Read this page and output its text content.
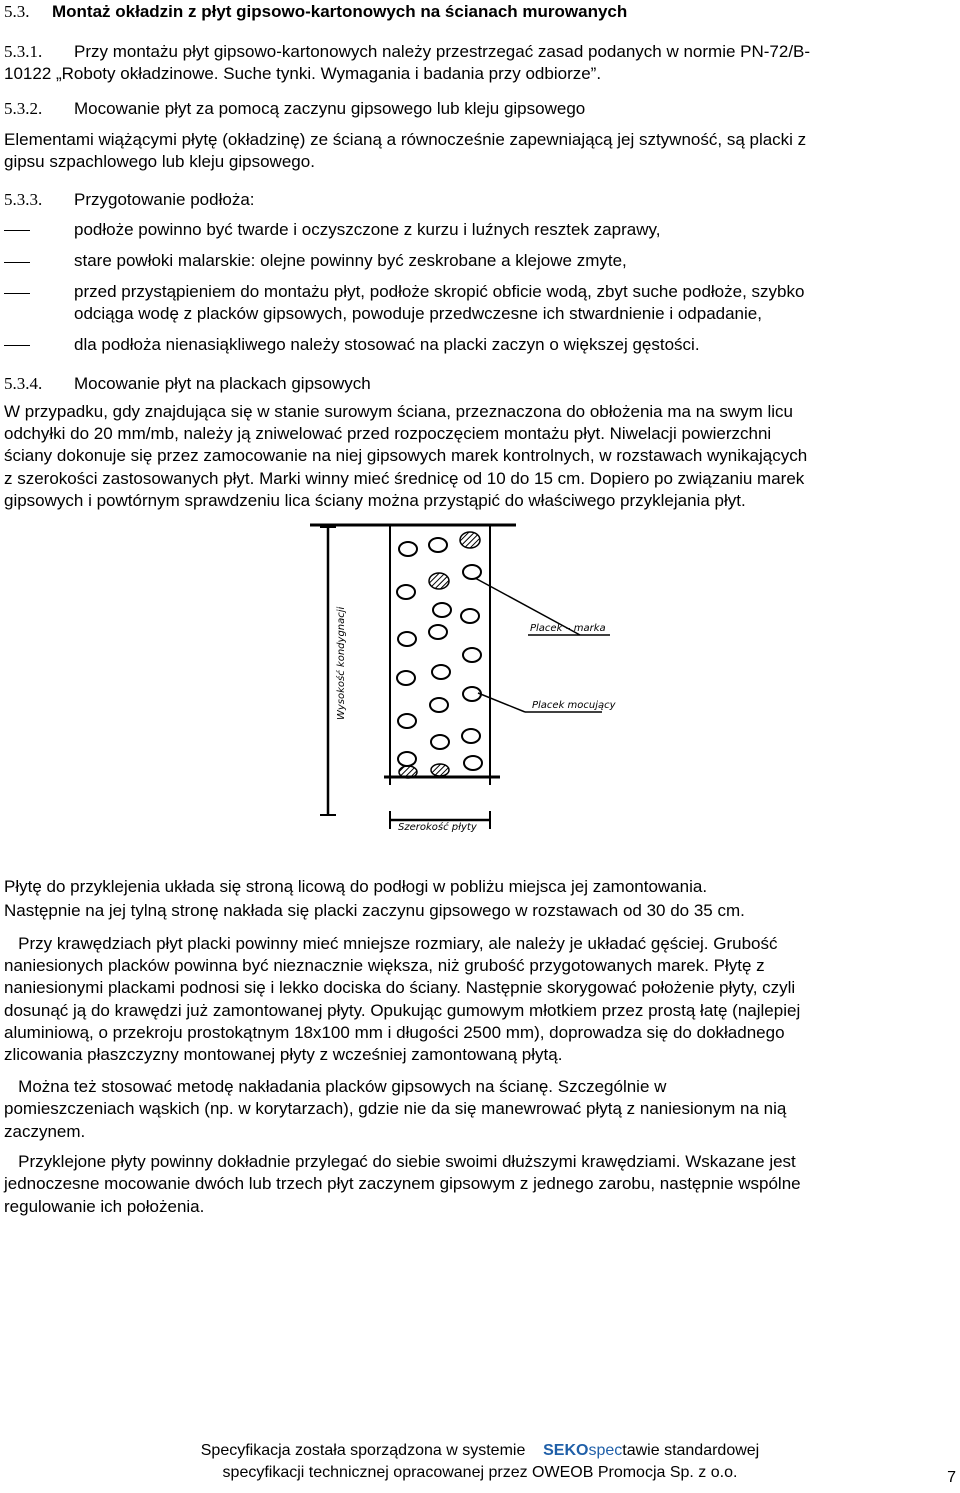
5.3. Montaż okładzin z płyt gipsowo-kartonowych na ścianach murowanych
5.3.1. Przy montażu płyt gipsowo-kartonowych należy przestrzegać zasad podanych w normie PN-72/B-
10122 „Roboty okładzinowe. Suche tynki. Wymagania i badania przy odbiorze”.
5.3.2. Mocowanie płyt za pomocą zaczynu gipsowego lub kleju gipsowego
Elementami wiążącymi płytę (okładzinę) ze ścianą a równocześnie zapewniającą jej sztywność, są placki z
gipsu szpachlowego lub kleju gipsowego.
5.3.3. Przygotowanie podłoża:
podłoże powinno być twarde i oczyszczone z kurzu i luźnych resztek zaprawy,
stare powłoki malarskie: olejne powinny być zeskrobane a klejowe zmyte,
przed przystąpieniem do montażu płyt, podłoże skropić obficie wodą, zbyt suche podłoże, szybko
odciąga wodę z placków gipsowych, powoduje przedwczesne ich stwardnienie i odpadanie,
dla podłoża nienasiąkliwego należy stosować na placki zaczyn o większej gęstości.
5.3.4. Mocowanie płyt na plackach gipsowych
W przypadku, gdy znajdująca się w stanie surowym ściana, przeznaczona do obłożenia ma na swym licu
odchyłki do 20 mm/mb, należy ją zniwelować przed rozpoczęciem montażu płyt. Niwelacji powierzchni
ściany dokonuje się przez zamocowanie na niej gipsowych marek kontrolnych, w rozstawach wynikających
z szerokości zastosowanych płyt. Marki winny mieć średnicę od 10 do 15 cm. Dopiero po związaniu marek
gipsowych i powtórnym sprawdzeniu lica ściany można przystąpić do właściwego przyklejania płyt.
Szerokość płyty
Wysokość kondygnacji	Placek – marka
Placek mocujący
Płytę do przyklejenia układa się stroną licową do podłogi w pobliżu miejsca jej zamontowania.
Następnie na jej tylną stronę nakłada się placki zaczynu gipsowego w rozstawach od 30 do 35 cm.
Przy krawędziach płyt placki powinny mieć mniejsze rozmiary, ale należy je układać gęściej. Grubość
naniesionych placków powinna być nieznacznie większa, niż grubość przygotowanych marek. Płytę z
naniesionymi plackami podnosi się i lekko dociska do ściany. Następnie skorygować położenie płyty, czyli
dosunąć ją do krawędzi już zamontowanej płyty. Opukując gumowym młotkiem przez prostą łatę (najlepiej
aluminiową, o przekroju prostokątnym 18x100 mm i długości 2500 mm), doprowadza się do dokładnego
zlicowania płaszczyzny montowanej płyty z wcześniej zamontowaną płytą.
Można też stosować metodę nakładania placków gipsowych na ścianę. Szczególnie w
pomieszczeniach wąskich (np. w korytarzach), gdzie nie da się manewrować płytą z naniesionym na nią
zaczynem.
Przyklejone płyty powinny dokładnie przylegać do siebie swoimi dłuższymi krawędziami. Wskazane jest
jednoczesne mocowanie dwóch lub trzech płyt zaczynem gipsowym z jednego zarobu, następnie wspólne
regulowanie ich położenia.
Specyfikacja została sporządzona w systemie SEKOspectawie standardowej
specyfikacji technicznej opracowanej przez OWEOB Promocja Sp. z o.o.	7
